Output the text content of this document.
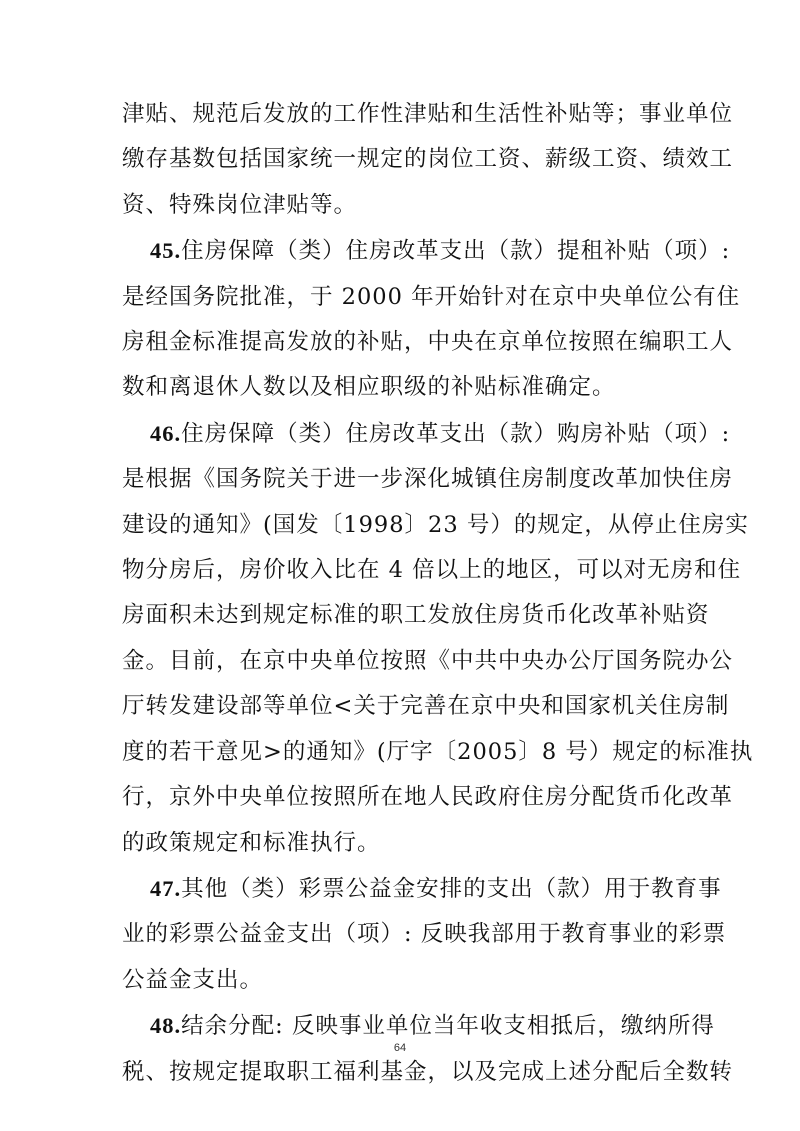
津贴、规范后发放的工作性津贴和生活性补贴等；事业单位
缴存基数包括国家统一规定的岗位工资、薪级工资、绩效工
资、特殊岗位津贴等。

45.住房保障（类）住房改革支出（款）提租补贴（项）:
是经国务院批准，于 2000 年开始针对在京中央单位公有住
房租金标准提高发放的补贴，中央在京单位按照在编职工人
数和离退休人数以及相应职级的补贴标准确定。

46.住房保障（类）住房改革支出（款）购房补贴（项）:
是根据《国务院关于进一步深化城镇住房制度改革加快住房
建设的通知》(国发〔1998〕23 号）的规定，从停止住房实
物分房后，房价收入比在 4 倍以上的地区，可以对无房和住
房面积未达到规定标准的职工发放住房货币化改革补贴资
金。目前，在京中央单位按照《中共中央办公厅国务院办公
厅转发建设部等单位<关于完善在京中央和国家机关住房制
度的若干意见>的通知》(厅字〔2005〕8 号）规定的标准执
行，京外中央单位按照所在地人民政府住房分配货币化改革
的政策规定和标准执行。

47.其他（类）彩票公益金安排的支出（款）用于教育事
业的彩票公益金支出（项）: 反映我部用于教育事业的彩票
公益金支出。

48.结余分配: 反映事业单位当年收支相抵后，缴纳所得
税、按规定提取职工福利基金，以及完成上述分配后全数转

64
